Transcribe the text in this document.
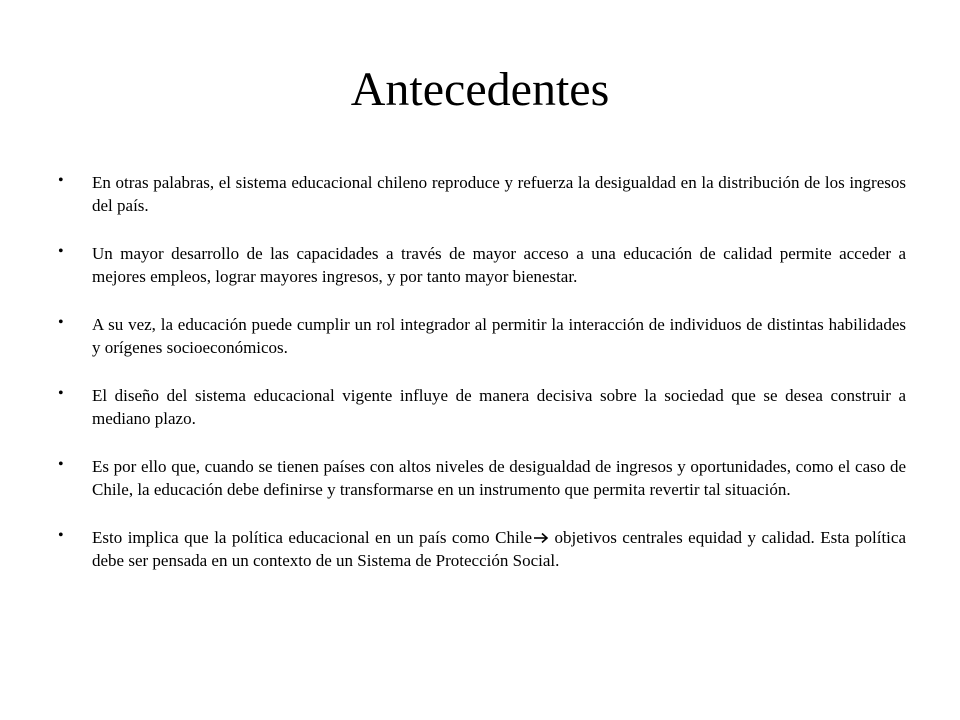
Antecedentes
• En otras palabras, el sistema educacional chileno reproduce y refuerza la desigualdad en la distribución de los ingresos del país.
• Un mayor desarrollo de las capacidades a través de mayor acceso a una educación de calidad permite acceder a mejores empleos, lograr mayores ingresos, y por tanto mayor bienestar.
• A su vez, la educación puede cumplir un rol integrador al permitir la interacción de individuos de distintas habilidades y orígenes socioeconómicos.
• El diseño del sistema educacional vigente influye de manera decisiva sobre la sociedad que se desea construir a mediano plazo.
• Es por ello que, cuando se tienen países con altos niveles de desigualdad de ingresos y oportunidades, como el caso de Chile, la educación debe definirse y transformarse en un instrumento que permita revertir tal situación.
• Esto implica que la política educacional en un país como Chile objetivos centrales equidad y calidad. Esta política debe ser pensada en un contexto de un Sistema de Protección Social.
